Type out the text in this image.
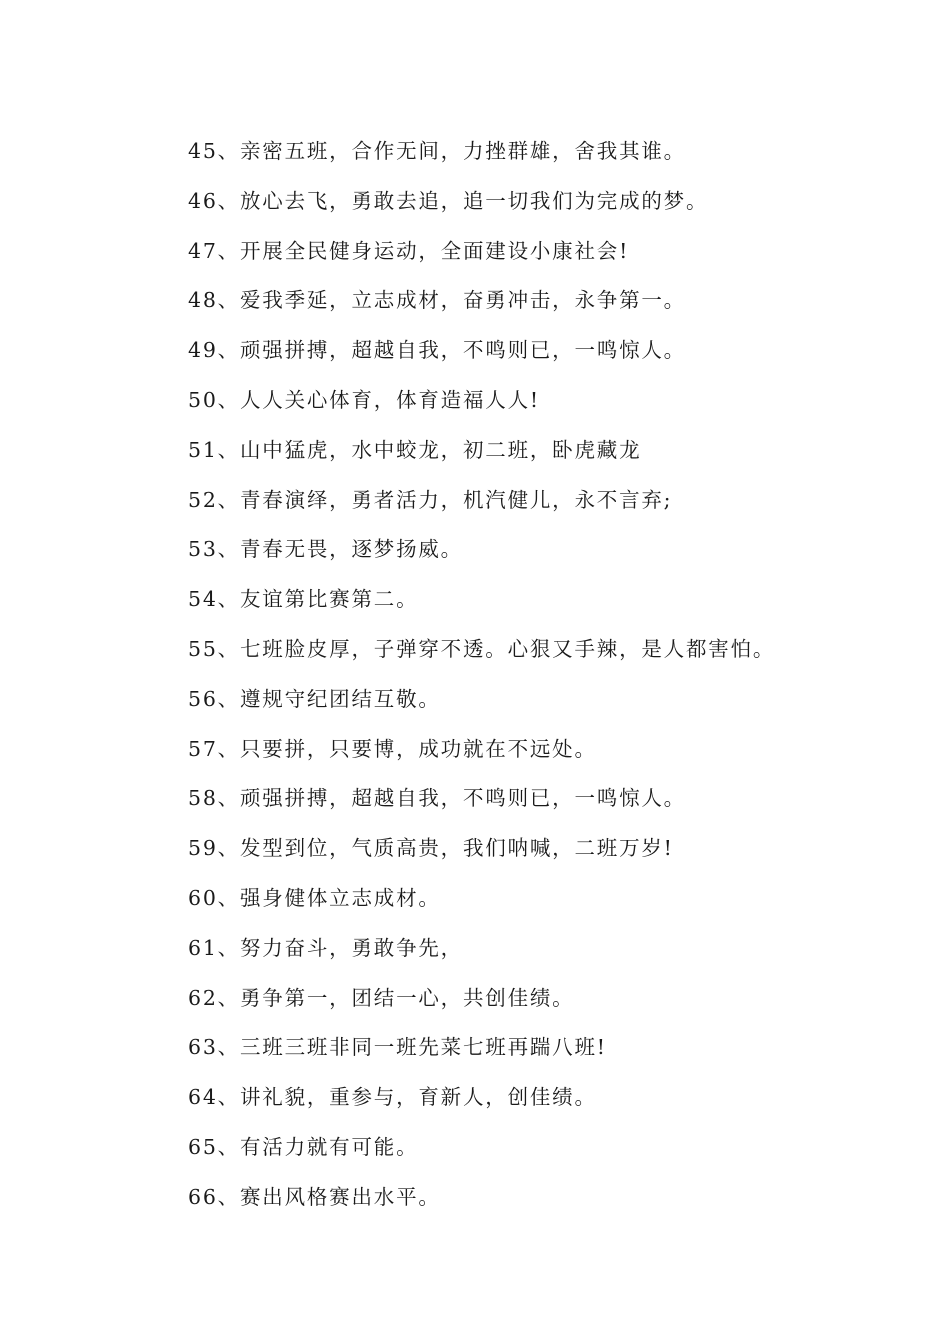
45、亲密五班，合作无间，力挫群雄，舍我其谁。
46、放心去飞，勇敢去追，追一切我们为完成的梦。
47、开展全民健身运动，全面建设小康社会!
48、爱我季延，立志成材，奋勇冲击，永争第一。
49、顽强拼搏，超越自我，不鸣则已，一鸣惊人。
50、人人关心体育，体育造福人人!
51、山中猛虎，水中蛟龙，初二班，卧虎藏龙
52、青春演绎，勇者活力，机汽健儿，永不言弃;
53、青春无畏，逐梦扬威。
54、友谊第比赛第二。
55、七班脸皮厚，子弹穿不透。心狠又手辣，是人都害怕。
56、遵规守纪团结互敬。
57、只要拼，只要博，成功就在不远处。
58、顽强拼搏，超越自我，不鸣则已，一鸣惊人。
59、发型到位，气质高贵，我们呐喊，二班万岁!
60、强身健体立志成材。
61、努力奋斗，勇敢争先，
62、勇争第一，团结一心，共创佳绩。
63、三班三班非同一班先菜七班再踹八班!
64、讲礼貌，重参与，育新人，创佳绩。
65、有活力就有可能。
66、赛出风格赛出水平。
